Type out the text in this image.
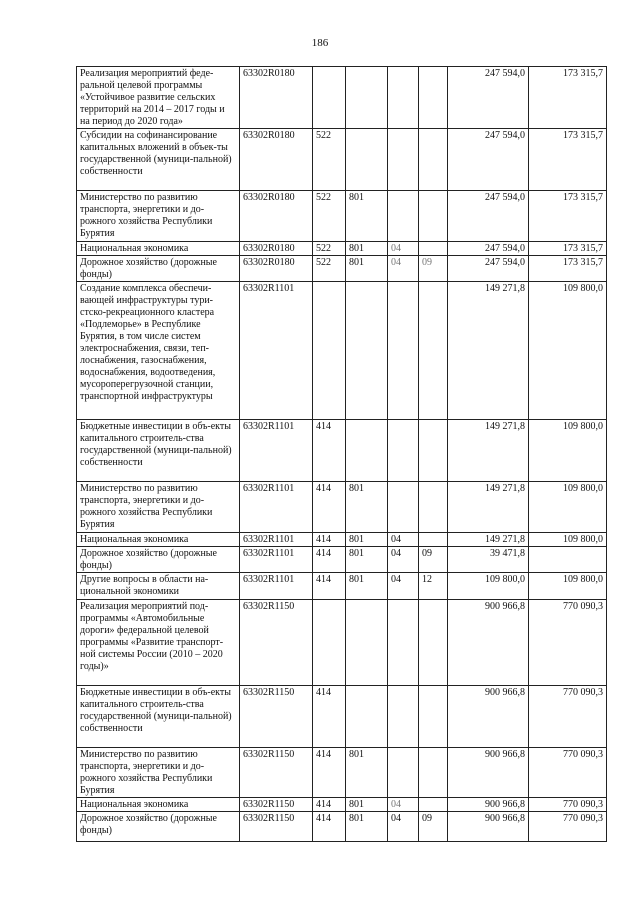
186
Реализация мероприятий феде-ральной целевой программы «Устойчивое развитие сельских территорий на 2014 – 2017 годы и на период до 2020 года»	63302R0180					247 594,0	173 315,7
Субсидии на софинансирование капитальных вложений в объек-ты государственной (муници-пальной) собственности	63302R0180	522				247 594,0	173 315,7
Министерство по развитию транспорта, энергетики и до-рожного хозяйства Республики Бурятия	63302R0180	522	801			247 594,0	173 315,7
Национальная экономика	63302R0180	522	801	04		247 594,0	173 315,7
Дорожное хозяйство (дорожные фонды)	63302R0180	522	801	04	09	247 594,0	173 315,7
Создание комплекса обеспечи-вающей инфраструктуры тури-стско-рекреационного кластера «Подлеморье» в Республике Бурятия, в том числе систем электроснабжения, связи, теп-лоснабжения, газоснабжения, водоснабжения, водоотведения, мусороперегрузочной станции, транспортной инфраструктуры	63302R1101					149 271,8	109 800,0
Бюджетные инвестиции в объ-екты капитального строитель-ства государственной (муници-пальной) собственности	63302R1101	414				149 271,8	109 800,0
Министерство по развитию транспорта, энергетики и до-рожного хозяйства Республики Бурятия	63302R1101	414	801			149 271,8	109 800,0
Национальная экономика	63302R1101	414	801	04		149 271,8	109 800,0
Дорожное хозяйство (дорожные фонды)	63302R1101	414	801	04	09	39 471,8	
Другие вопросы в области на-циональной экономики	63302R1101	414	801	04	12	109 800,0	109 800,0
Реализация мероприятий под-программы «Автомобильные дороги» федеральной целевой программы «Развитие транспорт-ной системы России (2010 – 2020 годы)»	63302R1150					900 966,8	770 090,3
Бюджетные инвестиции в объ-екты капитального строитель-ства государственной (муници-пальной) собственности	63302R1150	414				900 966,8	770 090,3
Министерство по развитию транспорта, энергетики и до-рожного хозяйства Республики Бурятия	63302R1150	414	801			900 966,8	770 090,3
Национальная экономика	63302R1150	414	801	04		900 966,8	770 090,3
Дорожное хозяйство (дорожные фонды)	63302R1150	414	801	04	09	900 966,8	770 090,3
